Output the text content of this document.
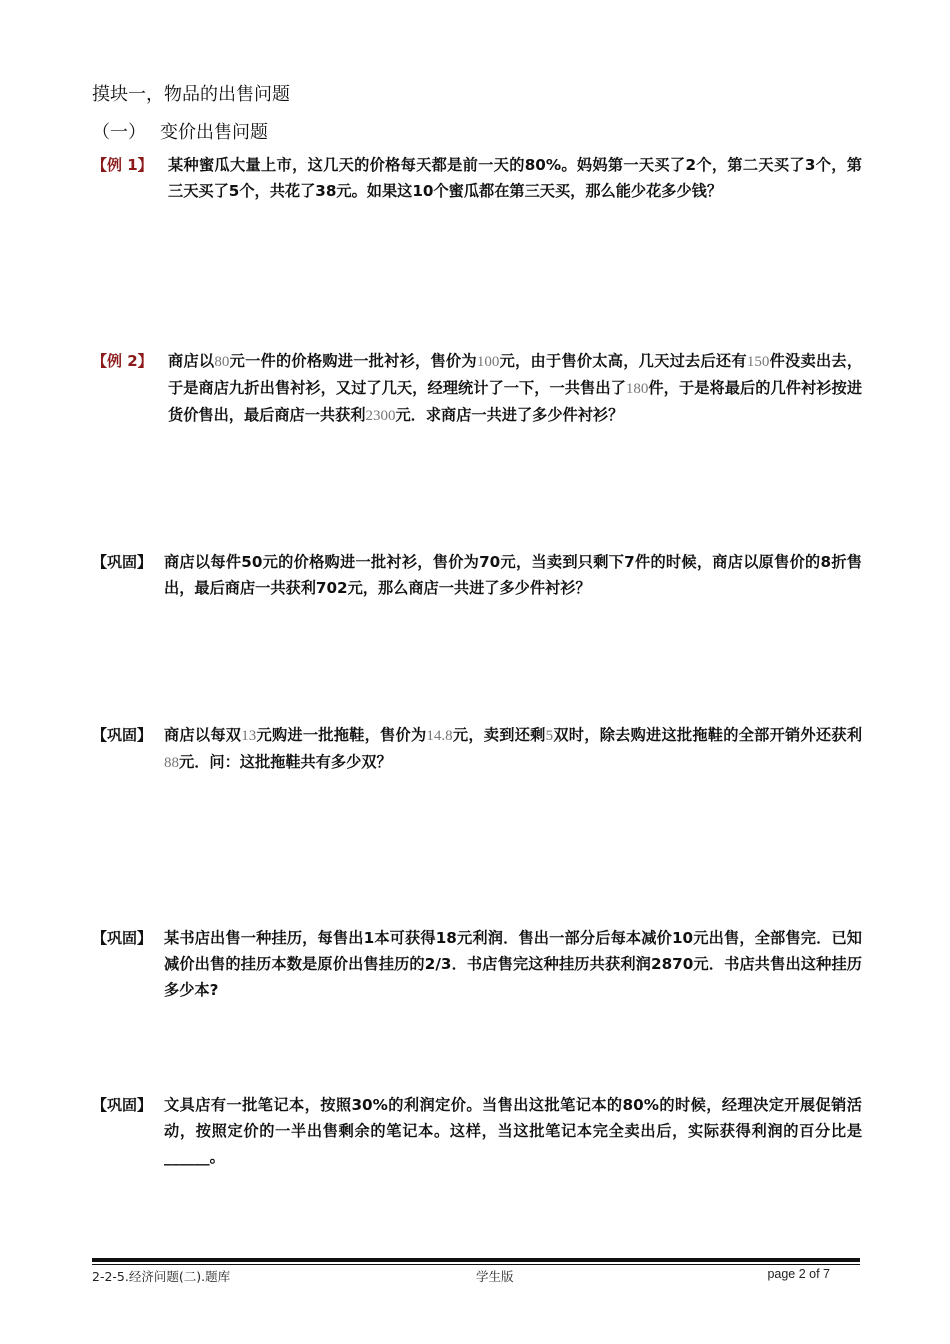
摸块一，物品的出售问题
（一） 变价出售问题
【例 1】 某种蜜瓜大量上市，这几天的价格每天都是前一天的80%。妈妈第一天买了2个，第二天买了3个，第三天买了5个，共花了38元。如果这10个蜜瓜都在第三天买，那么能少花多少钱？
【例 2】 商店以80元一件的价格购进一批衬衫，售价为100元，由于售价太高，几天过去后还有150件没卖出去，于是商店九折出售衬衫，又过了几天，经理统计了一下，一共售出了180件，于是将最后的几件衬衫按进货价售出，最后商店一共获利2300元．求商店一共进了多少件衬衫？
【巩固】 商店以每件50元的价格购进一批衬衫，售价为70元，当卖到只剩下7件的时候，商店以原售价的8折售出，最后商店一共获利702元，那么商店一共进了多少件衬衫？
【巩固】 商店以每双13元购进一批拖鞋，售价为14.8元，卖到还剩5双时，除去购进这批拖鞋的全部开销外还获利88元．问：这批拖鞋共有多少双？
【巩固】 某书店出售一种挂历，每售出1本可获得18元利润．售出一部分后每本减价10元出售，全部售完．已知减价出售的挂历本数是原价出售挂历的2/3．书店售完这种挂历共获利润2870元．书店共售出这种挂历多少本?
【巩固】 文具店有一批笔记本，按照30%的利润定价。当售出这批笔记本的80%的时候，经理决定开展促销活动，按照定价的一半出售剩余的笔记本。这样，当这批笔记本完全卖出后，实际获得利润的百分比是______。
2-2-5.经济问题(二).题库	学生版	page 2 of 7
